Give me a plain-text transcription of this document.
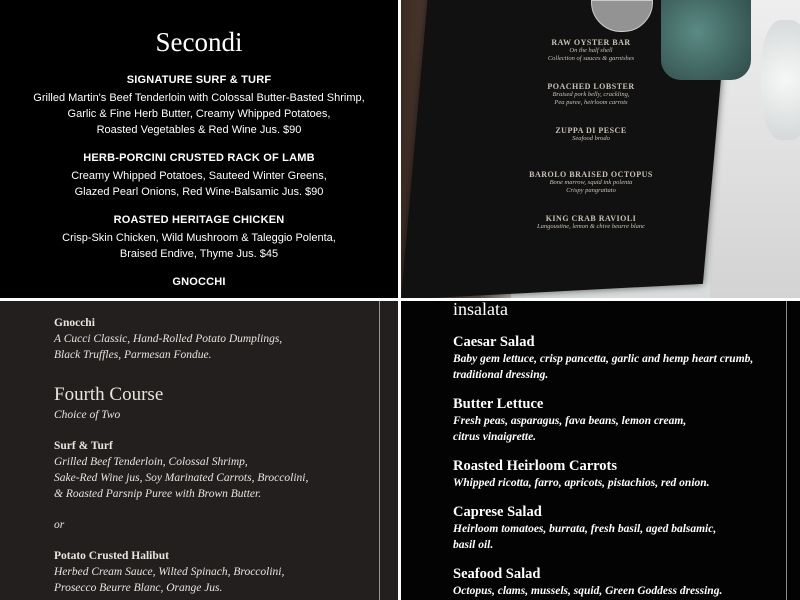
Secondi
SIGNATURE SURF & TURF
Grilled Martin's Beef Tenderloin with Colossal Butter-Basted Shrimp,
Garlic & Fine Herb Butter, Creamy Whipped Potatoes,
Roasted Vegetables & Red Wine Jus. $90
HERB-PORCINI CRUSTED RACK OF LAMB
Creamy Whipped Potatoes, Sauteed Winter Greens,
Glazed Pearl Onions, Red Wine-Balsamic Jus. $90
ROASTED HERITAGE CHICKEN
Crisp-Skin Chicken, Wild Mushroom & Taleggio Polenta,
Braised Endive, Thyme Jus. $45
GNOCCHI
RAW OYSTER BAR
On the half shell
Collection of sauces & garnishes
POACHED LOBSTER
Braised pork belly, crackling,
Pea puree, heirloom carrots
ZUPPA DI PESCE
Seafood brodo
BAROLO BRAISED OCTOPUS
Bone marrow, squid ink polenta
Crispy pangrattato
KING CRAB RAVIOLI
Langoustine, lemon & chive beurre blanc
Gnocchi
A Cucci Classic, Hand-Rolled Potato Dumplings,
Black Truffles, Parmesan Fondue.
Fourth Course
Choice of Two
Surf & Turf
Grilled Beef Tenderloin, Colossal Shrimp,
Sake-Red Wine jus, Soy Marinated Carrots, Broccolini,
& Roasted Parsnip Puree with Brown Butter.
or
Potato Crusted Halibut
Herbed Cream Sauce, Wilted Spinach, Broccolini,
Prosecco Beurre Blanc, Orange Jus.
insalata
Caesar Salad
Baby gem lettuce, crisp pancetta, garlic and hemp heart crumb,
traditional dressing.
Butter Lettuce
Fresh peas, asparagus, fava beans, lemon cream,
citrus vinaigrette.
Roasted Heirloom Carrots
Whipped ricotta, farro, apricots, pistachios, red onion.
Caprese Salad
Heirloom tomatoes, burrata, fresh basil, aged balsamic,
basil oil.
Seafood Salad
Octopus, clams, mussels, squid, Green Goddess dressing.
